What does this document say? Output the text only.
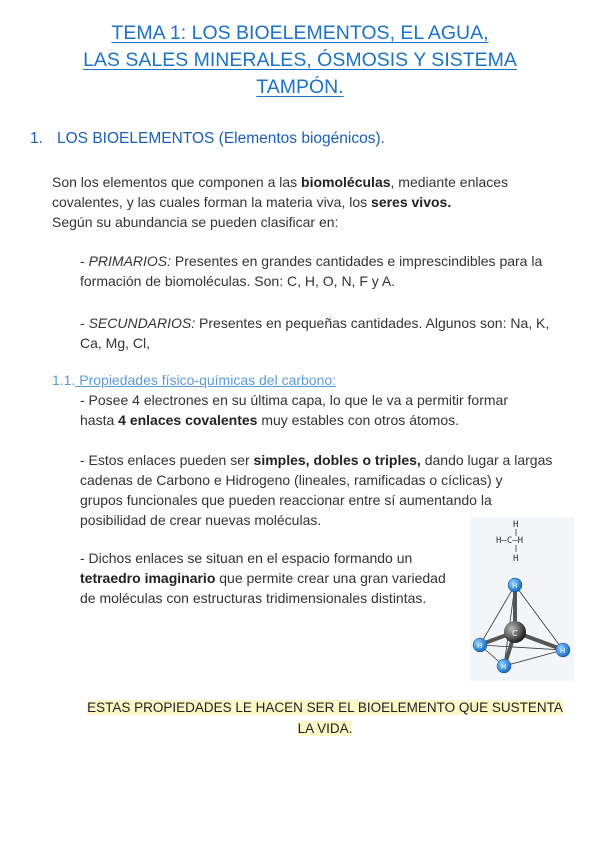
TEMA 1: LOS BIOELEMENTOS, EL AGUA,
LAS SALES MINERALES, ÓSMOSIS Y SISTEMA
TAMPÓN.
1. LOS BIOELEMENTOS (Elementos biogénicos).
Son los elementos que componen a las biomoléculas, mediante enlaces
covalentes, y las cuales forman la materia viva, los seres vivos.
Según su abundancia se pueden clasificar en:
- PRIMARIOS: Presentes en grandes cantidades e imprescindibles para la
formación de biomoléculas. Son: C, H, O, N, F y A.
- SECUNDARIOS: Presentes en pequeñas cantidades. Algunos son: Na, K,
Ca, Mg, Cl,
1.1. Propiedades físico-químicas del carbono:
- Posee 4 electrones en su última capa, lo que le va a permitir formar
hasta 4 enlaces covalentes muy estables con otros átomos.
- Estos enlaces pueden ser simples, dobles o triples, dando lugar a largas
cadenas de Carbono e Hidrogeno (lineales, ramificadas o cíclicas) y
grupos funcionales que pueden reaccionar entre sí aumentando la
posibilidad de crear nuevas moléculas.
- Dichos enlaces se situan en el espacio formando un
tetraedro imaginario que permite crear una gran variedad
de moléculas con estructuras tridimensionales distintas.
H
H—C—H
H
C
H
H
H
H
ESTAS PROPIEDADES LE HACEN SER EL BIOELEMENTO QUE SUSTENTA
LA VIDA.
